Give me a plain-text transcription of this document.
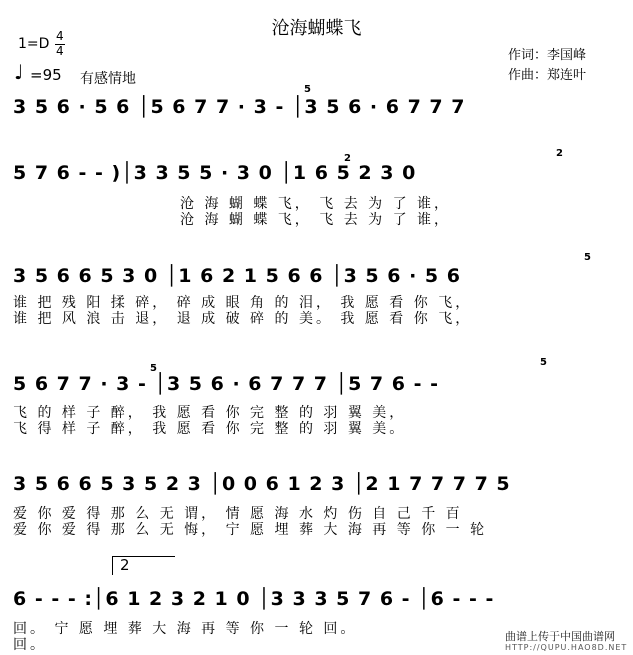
沧海蝴蝶飞
1=D 4
4
♩ =95 有感情地
作词：李国峰
作曲：郑连叶
3 5 6 · 5 6 │5 6 7 7 · 3 - │3 5 6 · 6 7 7 7
5
5 7 6 - - )│3 3 5 5 · 3 0 │1 6 5 2 3 0
2	2
沧 海 蝴 蝶 飞， 飞 去 为 了 谁，
沧 海 蝴 蝶 飞， 飞 去 为 了 谁，
3 5 6 6 5 3 0 │1 6 2 1 5 6 6 │3 5 6 · 5 6
5
谁 把 残 阳 揉 碎， 碎 成 眼 角 的 泪， 我 愿 看 你 飞，
谁 把 风 浪 击 退， 退 成 破 碎 的 美。 我 愿 看 你 飞，
5 6 7 7 · 3 - │3 5 6 · 6 7 7 7 │5 7 6 - -
5
5
飞 的 样 子 醉， 我 愿 看 你 完 整 的 羽 翼 美，
飞 得 样 子 醉， 我 愿 看 你 完 整 的 羽 翼 美。
3 5 6 6 5 3 5 2 3 │0 0 6 1 2 3 │2 1 7 7 7 7 5
爱 你 爱 得 那 么 无 谓， 情 愿 海 水 灼 伤 自 己 千 百
爱 你 爱 得 那 么 无 悔， 宁 愿 埋 葬 大 海 再 等 你 一 轮
2
6 - - - :│6 1 2 3 2 1 0 │3 3 3 5 7 6 - │6 - - -
回。 宁 愿 埋 葬 大 海 再 等 你 一 轮 回。
回。
曲谱上传于中国曲谱网
HTTP://QUPU.HAO8D.NET
